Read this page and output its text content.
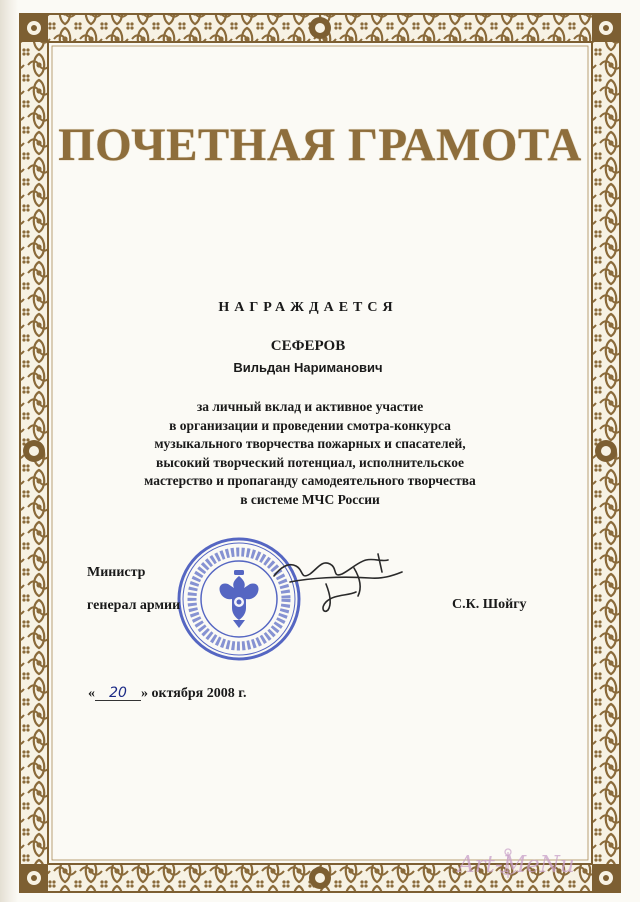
ПОЧЕТНАЯ ГРАМОТА
НАГРАЖДАЕТСЯ
СЕФЕРОВ
Вильдан Нариманович
за личный вклад и активное участие
в организации и проведении смотра-конкурса
музыкального творчества пожарных и спасателей,
высокий творческий потенциал, исполнительское
мастерство и пропаганду самодеятельного творчества
в системе МЧС России
Министр
генерал армии	С.К. Шойгу
« 20 » октября 2008 г.
Art-MeNu
